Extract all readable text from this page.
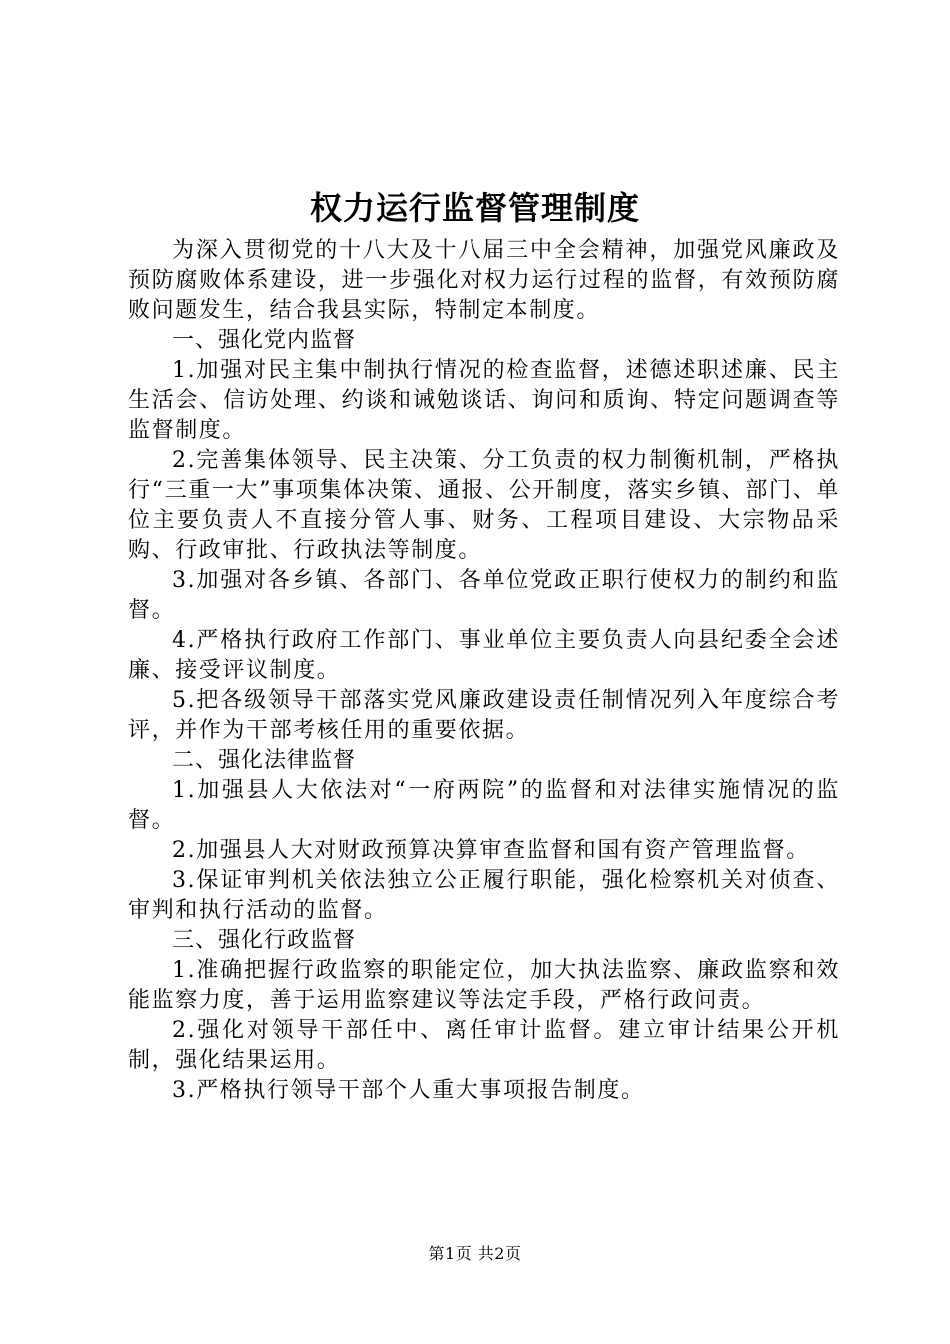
权力运行监督管理制度

为深入贯彻党的十八大及十八届三中全会精神，加强党风廉政及预防腐败体系建设，进一步强化对权力运行过程的监督，有效预防腐败问题发生，结合我县实际，特制定本制度。

一、强化党内监督

1.加强对民主集中制执行情况的检查监督，述德述职述廉、民主生活会、信访处理、约谈和诫勉谈话、询问和质询、特定问题调查等监督制度。

2.完善集体领导、民主决策、分工负责的权力制衡机制，严格执行“三重一大”事项集体决策、通报、公开制度，落实乡镇、部门、单位主要负责人不直接分管人事、财务、工程项目建设、大宗物品采购、行政审批、行政执法等制度。

3.加强对各乡镇、各部门、各单位党政正职行使权力的制约和监督。

4.严格执行政府工作部门、事业单位主要负责人向县纪委全会述廉、接受评议制度。

5.把各级领导干部落实党风廉政建设责任制情况列入年度综合考评，并作为干部考核任用的重要依据。

二、强化法律监督

1.加强县人大依法对“一府两院”的监督和对法律实施情况的监督。

2.加强县人大对财政预算决算审查监督和国有资产管理监督。

3.保证审判机关依法独立公正履行职能，强化检察机关对侦查、审判和执行活动的监督。

三、强化行政监督

1.准确把握行政监察的职能定位，加大执法监察、廉政监察和效能监察力度，善于运用监察建议等法定手段，严格行政问责。

2.强化对领导干部任中、离任审计监督。建立审计结果公开机制，强化结果运用。

3.严格执行领导干部个人重大事项报告制度。

第1页 共2页
